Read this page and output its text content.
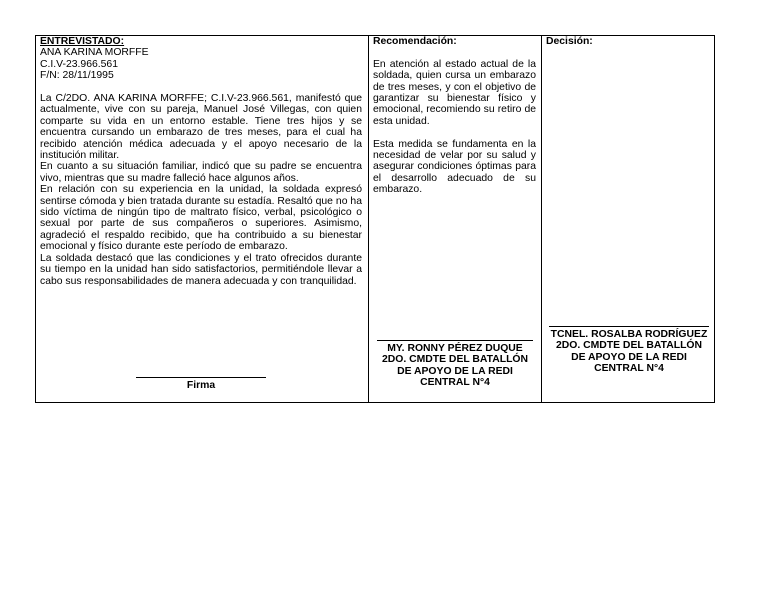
ENTREVISTADO:
ANA KARINA MORFFE
C.I.V-23.966.561
F/N: 28/11/1995

La C/2DO. ANA KARINA MORFFE; C.I.V-23.966.561, manifestó que actualmente, vive con su pareja, Manuel José Villegas, con quien comparte su vida en un entorno estable. Tiene tres hijos y se encuentra cursando un embarazo de tres meses, para el cual ha recibido atención médica adecuada y el apoyo necesario de la institución militar.

En cuanto a su situación familiar, indicó que su padre se encuentra vivo, mientras que su madre falleció hace algunos años.

En relación con su experiencia en la unidad, la soldada expresó sentirse cómoda y bien tratada durante su estadía. Resaltó que no ha sido víctima de ningún tipo de maltrato físico, verbal, psicológico o sexual por parte de sus compañeros o superiores. Asimismo, agradeció el respaldo recibido, que ha contribuido a su bienestar emocional y físico durante este período de embarazo.

La soldada destacó que las condiciones y el trato ofrecidos durante su tiempo en la unidad han sido satisfactorios, permitiéndole llevar a cabo sus responsabilidades de manera adecuada y con tranquilidad.

Firma
Recomendación:

En atención al estado actual de la soldada, quien cursa un embarazo de tres meses, y con el objetivo de garantizar su bienestar físico y emocional, recomiendo su retiro de esta unidad.

Esta medida se fundamenta en la necesidad de velar por su salud y asegurar condiciones óptimas para el desarrollo adecuado de su embarazo.

MY. RONNY PÉREZ DUQUE
2DO. CMDTE DEL BATALLÓN
DE APOYO DE LA REDI
CENTRAL N°4
Decisión:
TCNEL. ROSALBA RODRÍGUEZ
2DO. CMDTE DEL BATALLÓN
DE APOYO DE LA REDI
CENTRAL N°4
